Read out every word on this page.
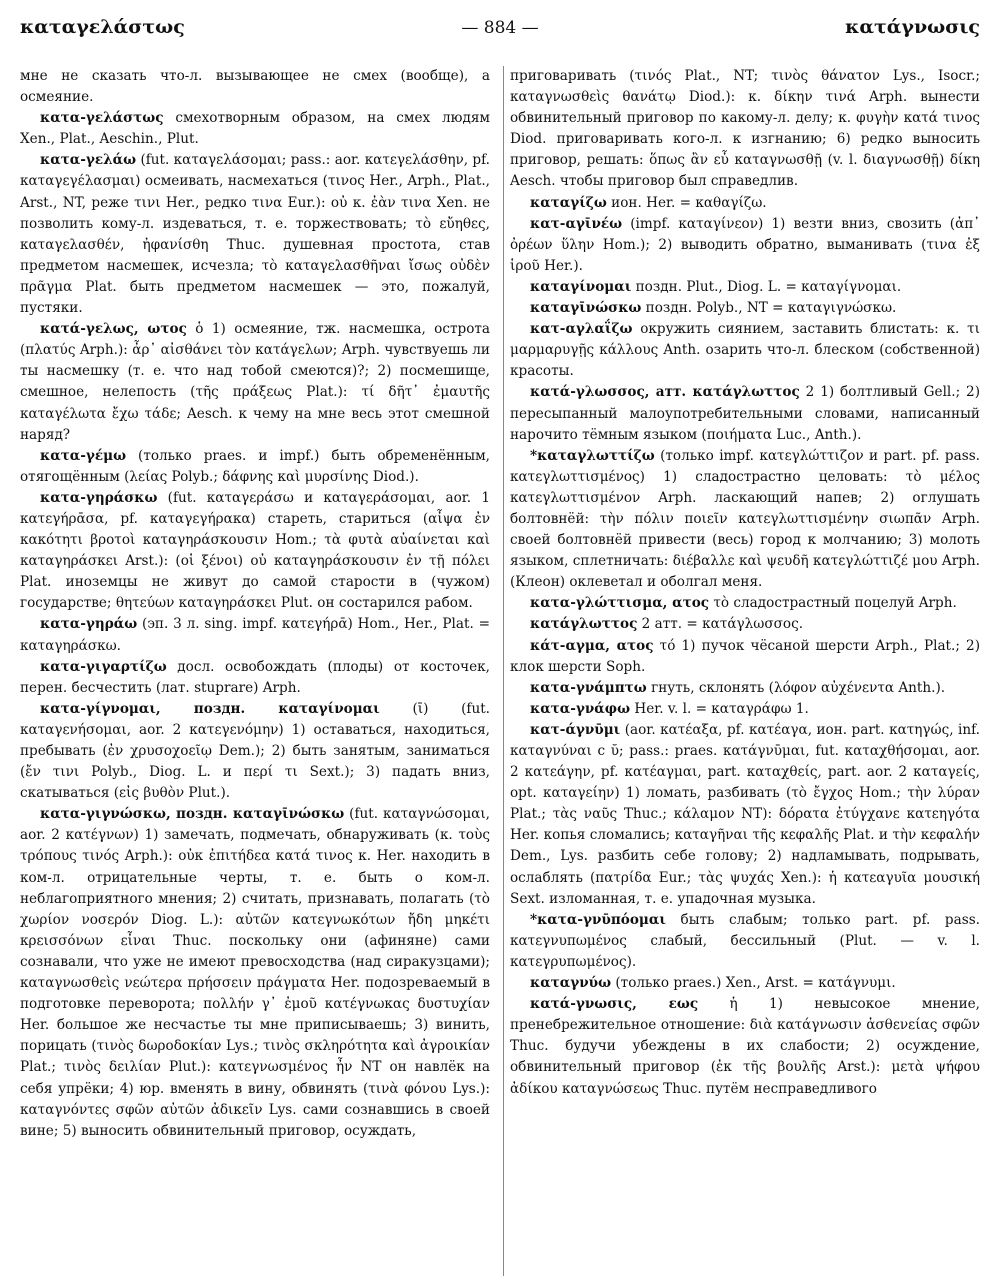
καταγελάστως	— 884 —	κατάγνωσις

мне не сказать что-л. вызывающее не смех (вообще), а осмеяние.

κατα-γελάστως смехотворным образом, на смех людям Xen., Plat., Aeschin., Plut.

κατα-γελάω (fut. καταγελάσομαι; pass.: aor. κατεγελάσθην, pf. καταγεγέλασμαι) осмеивать, насмехаться (τινος Her., Arph., Plat., Arst., NT, реже τινι Her., редко τινα Eur.): οὐ κ. ἐὰν τινα Xen. не позволить кому-л. издеваться, т. е. торжествовать; τὸ εὔηθες, καταγελασθέν, ἠφανίσθη Thuc. душевная простота, став предметом насмешек, исчезла; τὸ καταγελασθῆναι ἴσως οὐδὲν πρᾶγμα Plat. быть предметом насмешек — это, пожалуй, пустяки.

κατά-γελως, ωτος ὁ 1) осмеяние, тж. насмешка, острота (πλατύς Arph.): ἆρ᾽ αἰσθάνει τὸν κατάγελων; Arph. чувствуешь ли ты насмешку (т. е. что над тобой смеются)?; 2) посмешище, смешное, нелепость (τῆς πράξεως Plat.): τί δῆτ᾽ ἐμαυτῆς καταγέλωτα ἔχω τάδε; Aesch. к чему на мне весь этот смешной наряд?

κατα-γέμω (только praes. и impf.) быть обременённым, отягощённым (λείας Polyb.; δάφνης καὶ μυρσίνης Diod.).

κατα-γηράσκω (fut. καταγεράσω и καταγεράσομαι, aor. 1 κατεγήρᾱσα, pf. καταγεγήρακα) стареть, стариться (αἶψα ἐν κακότητι βροτοὶ καταγηράσκουσιν Hom.; τὰ φυτὰ αὐαίνεται καὶ καταγηράσκει Arst.): (οἱ ξένοι) οὐ καταγηράσκουσιν ἐν τῇ πόλει Plat. иноземцы не живут до самой старости в (чужом) государстве; θητεύων καταγηράσκει Plut. он состарился рабом.

κατα-γηράω (эп. 3 л. sing. impf. κατεγήρᾱ) Hom., Her., Plat. = καταγηράσκω.

κατα-γιγαρτίζω досл. освобождать (плоды) от косточек, перен. бесчестить (лат. stuprare) Arph.

κατα-γίγνομαι, поздн. καταγίνομαι (ῑ) (fut. καταγενήσομαι, aor. 2 κατεγενόμην) 1) оставаться, находиться, пребывать (ἐν χρυσοχοεῖῳ Dem.); 2) быть занятым, заниматься (ἔν τινι Polyb., Diog. L. и περί τι Sext.); 3) падать вниз, скатываться (εἰς βυθὸν Plut.).

κατα-γιγνώσκω, поздн. καταγῑνώσκω (fut. καταγνώσομαι, aor. 2 κατέγνων) 1) замечать, подмечать, обнаруживать (κ. τοὺς τρόπους τινός Arph.): οὐκ ἐπιτήδεα κατά τινος κ. Her. находить в ком-л. отрицательные черты, т. е. быть о ком-л. неблагоприятного мнения; 2) считать, признавать, полагать (τὸ χωρίον νοσερόν Diog. L.): αὐτῶν κατεγνωκότων ἤδη μηκέτι κρεισσόνων εἶναι Thuc. поскольку они (афиняне) сами сознавали, что уже не имеют превосходства (над сиракузцами); καταγνωσθεὶς νεώτερα πρήσσειν πράγματα Her. подозреваемый в подготовке переворота; πολλήν γ᾽ ἐμοῦ κατέγνωκας δυστυχίαν Her. большое же несчастье ты мне приписываешь; 3) винить, порицать (τινὸς δωροδοκίαν Lys.; τινὸς σκληρότητα καὶ ἀγροικίαν Plat.; τινὸς δειλίαν Plut.): κατεγνωσμένος ἦν NT он навлёк на себя упрёки; 4) юр. вменять в вину, обвинять (τινὰ φόνου Lys.): καταγνόντες σφῶν αὐτῶν ἀδικεῖν Lys. сами сознавшись в своей вине; 5) выносить обвинительный приговор, осуждать,

приговаривать (τινός Plat., NT; τινὸς θάνατον Lys., Isocr.; καταγνωσθεὶς θανάτῳ Diod.): κ. δίκην τινά Arph. вынести обвинительный приговор по какому-л. делу; κ. φυγὴν κατά τινος Diod. приговаривать кого-л. к изгнанию; 6) редко выносить приговор, решать: ὅπως ἂν εὖ καταγνωσθῇ (v. l. διαγνωσθῇ) δίκη Aesch. чтобы приговор был справедлив.

καταγίζω ион. Her. = καθαγίζω.

κατ-αγῑνέω (impf. καταγίνεον) 1) везти вниз, свозить (ἀπ᾽ ὀρέων ὕλην Hom.); 2) выводить обратно, выманивать (τινα ἐξ ἱροῦ Her.).

καταγίνομαι поздн. Plut., Diog. L. = καταγίγνομαι.

καταγῑνώσκω поздн. Polyb., NT = καταγιγνώσκω.

κατ-αγλαΐζω окружить сиянием, заставить блистать: κ. τι μαρμαρυγῇς κάλλους Anth. озарить что-л. блеском (собственной) красоты.

κατά-γλωσσος, атт. κατάγλωττος 2 1) болтливый Gell.; 2) пересыпанный малоупотребительными словами, написанный нарочито тёмным языком (ποιήματα Luc., Anth.).

*καταγλωττίζω (только impf. κατεγλώττιζον и part. pf. pass. κατεγλωττισμένος) 1) сладострастно целовать: τὸ μέλος κατεγλωττισμένον Arph. ласкающий напев; 2) оглушать болтовнёй: τὴν πόλιν ποιεῖν κατεγλωττισμένην σιωπᾶν Arph. своей болтовнёй привести (весь) город к молчанию; 3) молоть языком, сплетничать: διέβαλλε καὶ ψευδῆ κατεγλώττιζέ μου Arph. (Клеон) оклеветал и оболгал меня.

κατα-γλώττισμα, ατος τὸ сладострастный поцелуй Arph.

κατάγλωττος 2 атт. = κατάγλωσσος.

κάτ-αγμα, ατος τό 1) пучок чёсаной шерсти Arph., Plat.; 2) клок шерсти Soph.

κατα-γνάμπτω гнуть, склонять (λόφον αὐχένεντα Anth.).

κατα-γνάφω Her. v. l. = καταγράφω 1.

κατ-άγνῡμι (aor. κατέαξα, pf. κατέαγα, ион. part. κατηγώς, inf. καταγνύναι с ῠ; pass.: praes. κατάγνῡμαι, fut. καταχθήσομαι, aor. 2 κατεάγην, pf. κατέαγμαι, part. καταχθείς, part. aor. 2 καταγείς, opt. καταγείην) 1) ломать, разбивать (τὸ ἔγχος Hom.; τὴν λύραν Plat.; τὰς ναῦς Thuc.; κάλαμον NT): δόρατα ἐτύγχανε κατεηγότα Her. копья сломались; καταγῆναι τῆς κεφαλῆς Plat. и τὴν κεφαλήν Dem., Lys. разбить себе голову; 2) надламывать, подрывать, ослаблять (πατρίδα Eur.; τὰς ψυχάς Xen.): ἡ κατεαγυῖα μουσική Sext. изломанная, т. е. упадочная музыка.

*κατα-γνῡπόομαι быть слабым; только part. pf. pass. κατεγνυπωμένος слабый, бессильный (Plut. — v. l. κατεγρυπωμένος).

καταγνύω (только praes.) Xen., Arst. = κατάγνυμι.

κατά-γνωσις, εως ἡ 1) невысокое мнение, пренебрежительное отношение: διὰ κατάγνωσιν ἀσθενείας σφῶν Thuc. будучи убеждены в их слабости; 2) осуждение, обвинительный приговор (ἐκ τῆς βουλῆς Arst.): μετὰ ψήφου ἀδίκου καταγνώσεως Thuc. путём несправедливого
